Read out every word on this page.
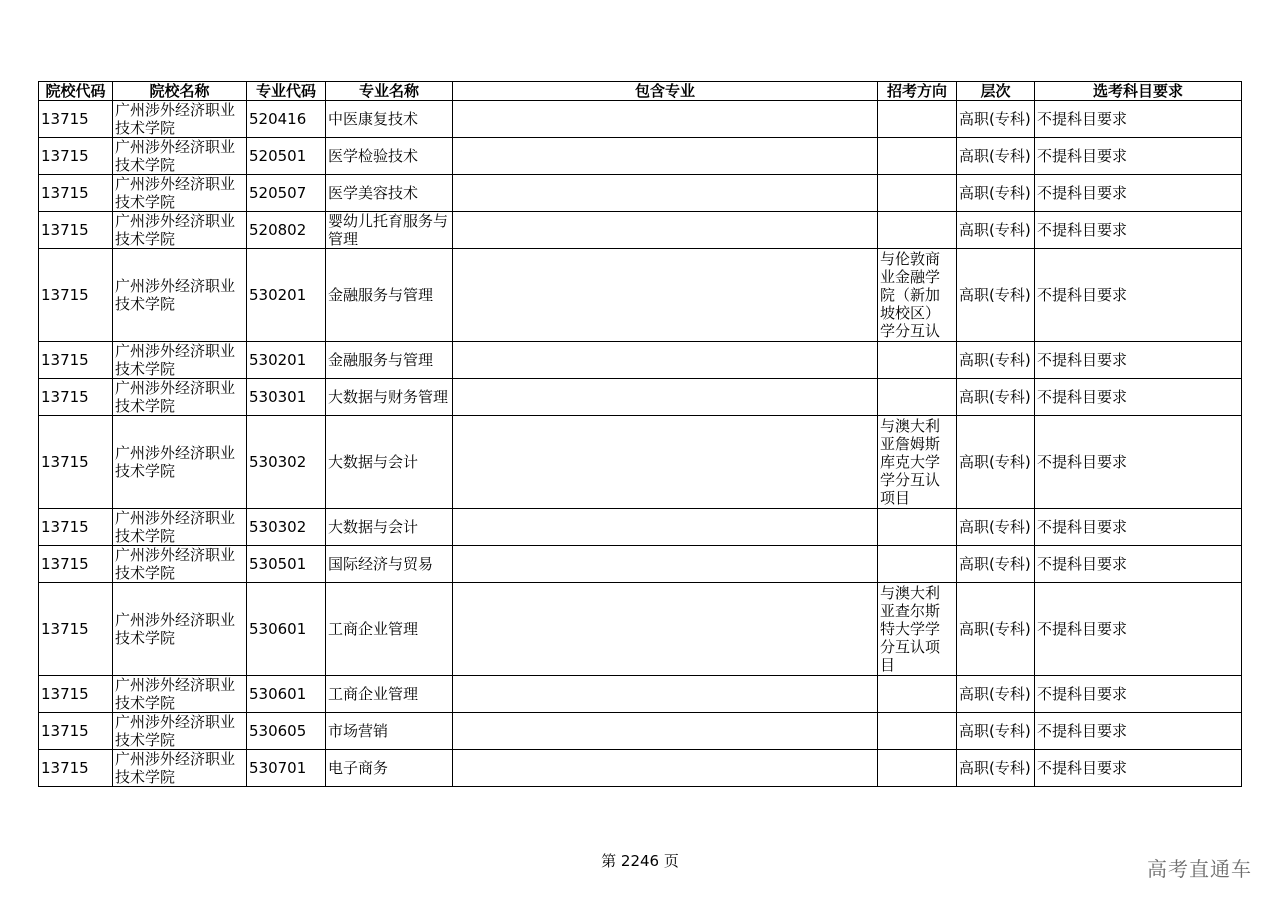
院校代码	院校名称	专业代码	专业名称	包含专业	招考方向	层次	选考科目要求
13715	广州涉外经济职业技术学院	520416	中医康复技术			高职(专科)	不提科目要求
13715	广州涉外经济职业技术学院	520501	医学检验技术			高职(专科)	不提科目要求
13715	广州涉外经济职业技术学院	520507	医学美容技术			高职(专科)	不提科目要求
13715	广州涉外经济职业技术学院	520802	婴幼儿托育服务与管理			高职(专科)	不提科目要求
13715	广州涉外经济职业技术学院	530201	金融服务与管理		与伦敦商业金融学院（新加坡校区）学分互认	高职(专科)	不提科目要求
13715	广州涉外经济职业技术学院	530201	金融服务与管理			高职(专科)	不提科目要求
13715	广州涉外经济职业技术学院	530301	大数据与财务管理			高职(专科)	不提科目要求
13715	广州涉外经济职业技术学院	530302	大数据与会计		与澳大利亚詹姆斯库克大学学分互认项目	高职(专科)	不提科目要求
13715	广州涉外经济职业技术学院	530302	大数据与会计			高职(专科)	不提科目要求
13715	广州涉外经济职业技术学院	530501	国际经济与贸易			高职(专科)	不提科目要求
13715	广州涉外经济职业技术学院	530601	工商企业管理		与澳大利亚查尔斯特大学学分互认项目	高职(专科)	不提科目要求
13715	广州涉外经济职业技术学院	530601	工商企业管理			高职(专科)	不提科目要求
13715	广州涉外经济职业技术学院	530605	市场营销			高职(专科)	不提科目要求
13715	广州涉外经济职业技术学院	530701	电子商务			高职(专科)	不提科目要求
第 2246 页	高考直通车
